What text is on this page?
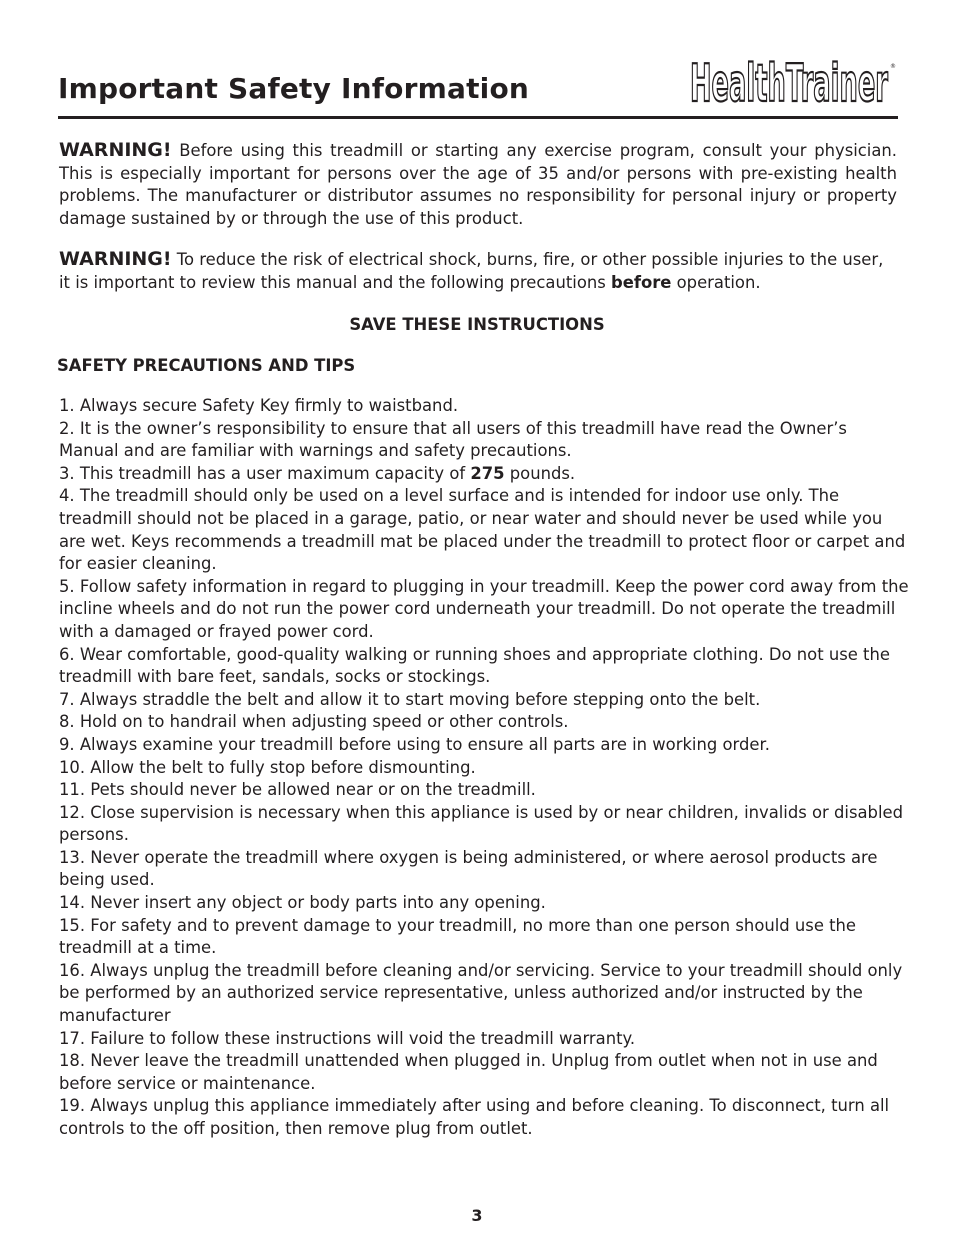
Important Safety Information	HealthTrainer ®

WARNING! Before using this treadmill or starting any exercise program, consult your physician. This is especially important for persons over the age of 35 and/or persons with pre-existing health problems. The manufacturer or distributor assumes no responsibility for personal injury or property damage sustained by or through the use of this product.

WARNING! To reduce the risk of electrical shock, burns, fire, or other possible injuries to the user, it is important to review this manual and the following precautions before operation.

SAVE THESE INSTRUCTIONS
SAFETY PRECAUTIONS AND TIPS
1. Always secure Safety Key firmly to waistband.
2. It is the owner’s responsibility to ensure that all users of this treadmill have read the Owner’s Manual and are familiar with warnings and safety precautions.
3. This treadmill has a user maximum capacity of 275 pounds.
4. The treadmill should only be used on a level surface and is intended for indoor use only. The treadmill should not be placed in a garage, patio, or near water and should never be used while you are wet. Keys recommends a treadmill mat be placed under the treadmill to protect floor or carpet and for easier cleaning.
5. Follow safety information in regard to plugging in your treadmill. Keep the power cord away from the incline wheels and do not run the power cord underneath your treadmill. Do not operate the treadmill with a damaged or frayed power cord.
6. Wear comfortable, good-quality walking or running shoes and appropriate clothing. Do not use the treadmill with bare feet, sandals, socks or stockings.
7. Always straddle the belt and allow it to start moving before stepping onto the belt.
8. Hold on to handrail when adjusting speed or other controls.
9. Always examine your treadmill before using to ensure all parts are in working order.
10. Allow the belt to fully stop before dismounting.
11. Pets should never be allowed near or on the treadmill.
12. Close supervision is necessary when this appliance is used by or near children, invalids or disabled persons.
13. Never operate the treadmill where oxygen is being administered, or where aerosol products are being used.
14. Never insert any object or body parts into any opening.
15. For safety and to prevent damage to your treadmill, no more than one person should use the treadmill at a time.
16. Always unplug the treadmill before cleaning and/or servicing. Service to your treadmill should only be performed by an authorized service representative, unless authorized and/or instructed by the manufacturer
17. Failure to follow these instructions will void the treadmill warranty.
18. Never leave the treadmill unattended when plugged in. Unplug from outlet when not in use and before service or maintenance.
19. Always unplug this appliance immediately after using and before cleaning. To disconnect, turn all controls to the off position, then remove plug from outlet.
3
